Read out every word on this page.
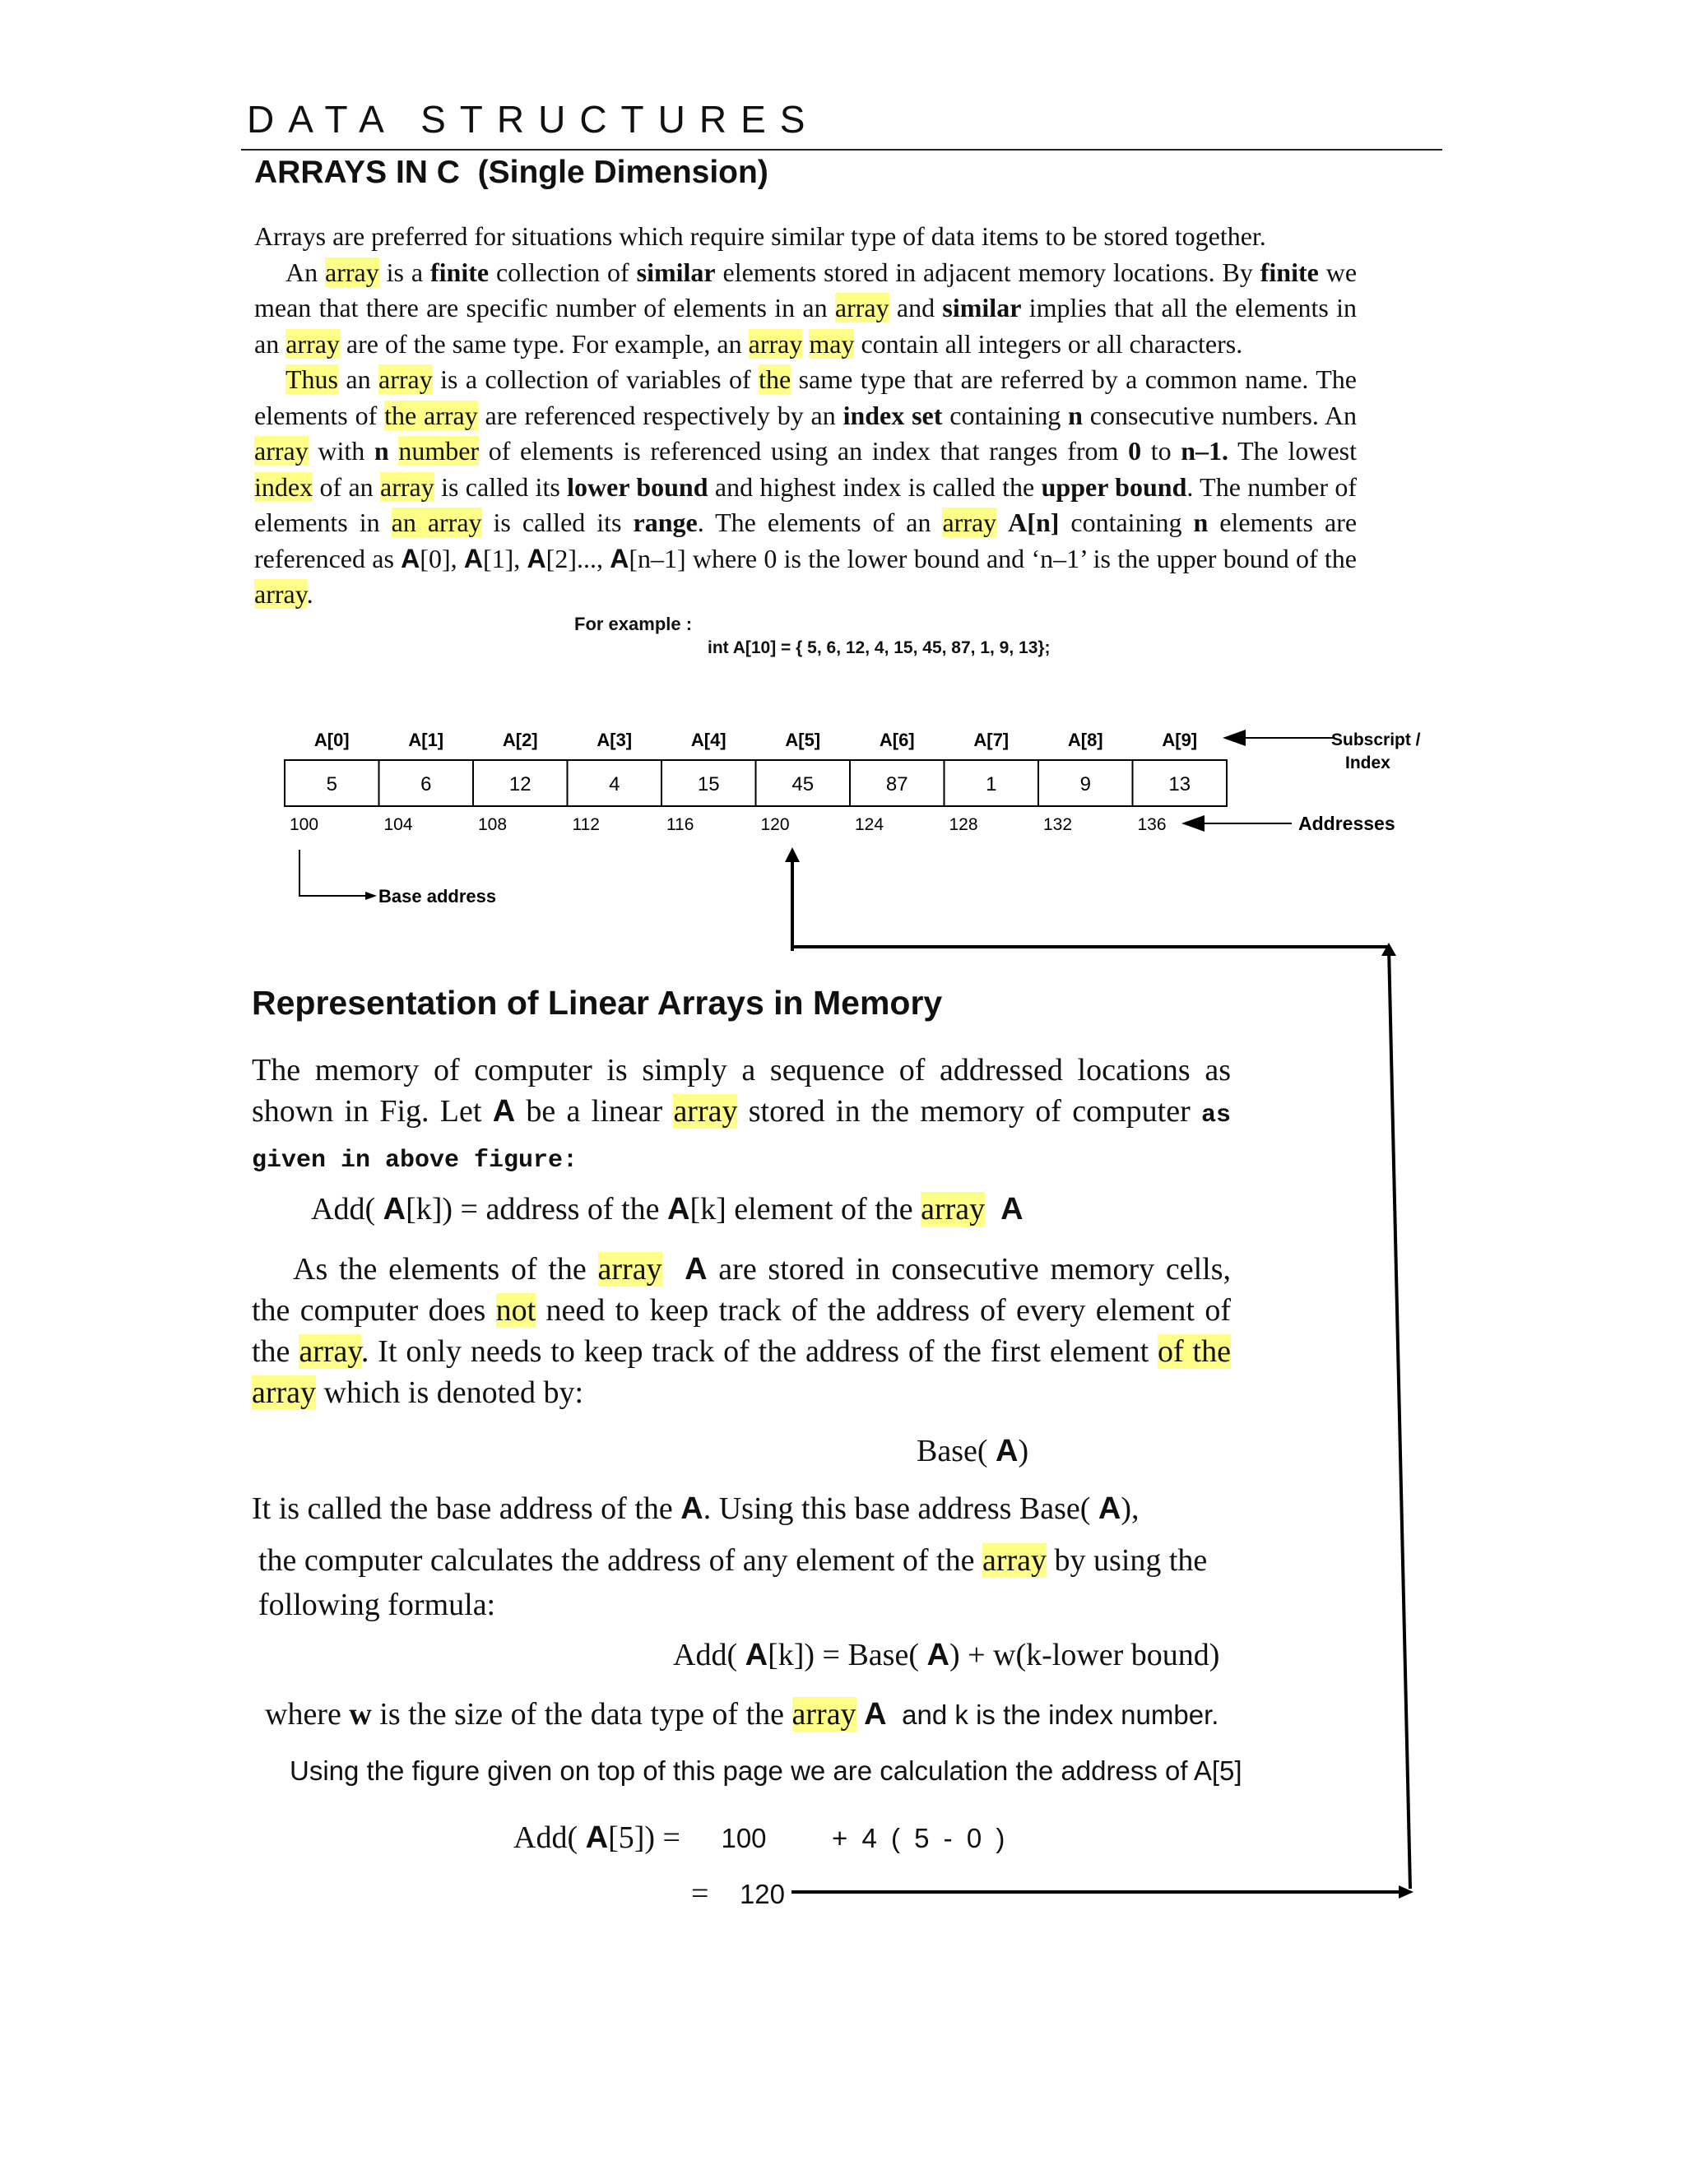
DATA STRUCTURES
ARRAYS IN C (Single Dimension)

Arrays are preferred for situations which require similar type of data items to be stored together.

An array is a finite collection of similar elements stored in adjacent memory locations. By finite we mean that there are specific number of elements in an array and similar implies that all the elements in an array are of the same type. For example, an array may contain all integers or all characters.

Thus an array is a collection of variables of the same type that are referred by a common name. The elements of the array are referenced respectively by an index set containing n consecutive numbers. An array with n number of elements is referenced using an index that ranges from 0 to n–1. The lowest index of an array is called its lower bound and highest index is called the upper bound. The number of elements in an array is called its range. The elements of an array A[n] containing n elements are referenced as A[0], A[1], A[2]..., A[n–1] where 0 is the lower bound and ‘n–1’ is the upper bound of the array.

For example :
int A[10] = { 5, 6, 12, 4, 15, 45, 87, 1, 9, 13};
A[0]	A[1]	A[2]	A[3]	A[4]	A[5]	A[6]	A[7]	A[8]	A[9]
5	6	12	4	15	45	87	1	9	13
100	104	108	112	116	120	124	128	132	136
Subscript /
Index
Addresses
Base address
Representation of Linear Arrays in Memory

The memory of computer is simply a sequence of addressed locations as shown in Fig. Let A be a linear array stored in the memory of computer as given in above figure:

Add( A[k]) = address of the A[k] element of the array A

As the elements of the array A are stored in consecutive memory cells, the computer does not need to keep track of the address of every element of the array. It only needs to keep track of the address of the first element of the array which is denoted by:

Base( A)
It is called the base address of the A. Using this base address Base( A),
the computer calculates the address of any element of the array by using the following formula:
Add( A[k]) = Base( A) + w(k-lower bound)
where w is the size of the data type of the array A  and k is the index number.
Using the figure given on top of this page we are calculation the address of A[5]
Add( A[5]) = 100 + 4 ( 5 - 0 )
= 120
